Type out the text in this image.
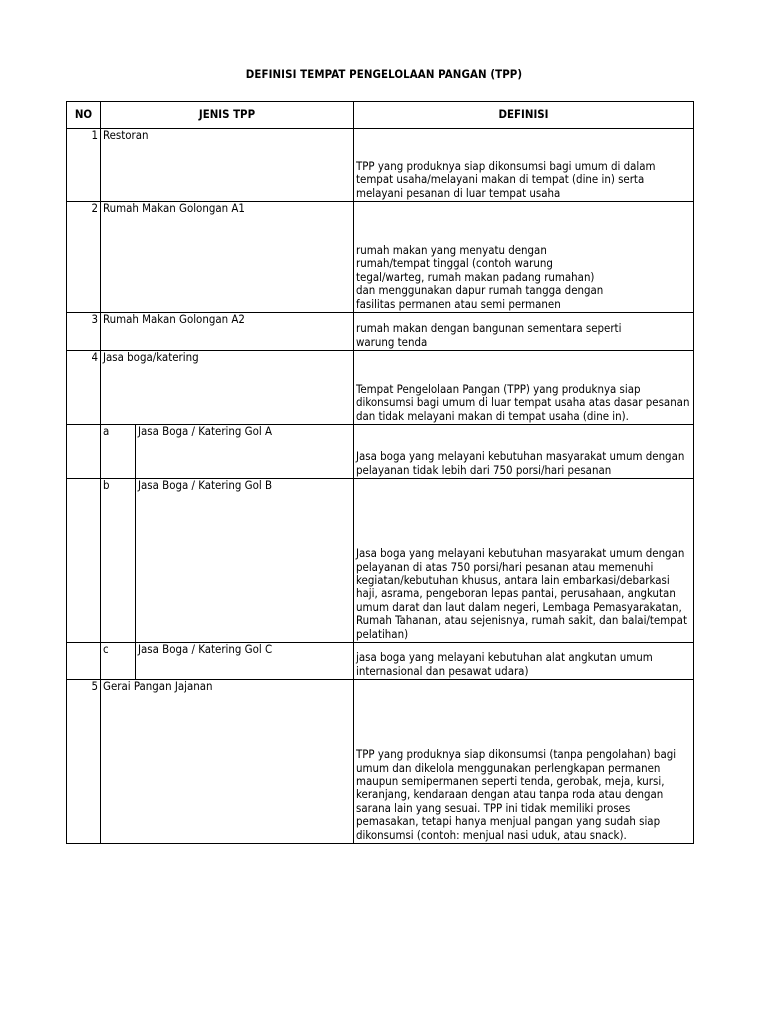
DEFINISI TEMPAT PENGELOLAAN PANGAN (TPP)
NO	JENIS TPP		DEFINISI
1	Restoran		TPP yang produknya siap dikonsumsi bagi umum di dalam tempat usaha/melayani makan di tempat (dine in) serta melayani pesanan di luar tempat usaha

2	Rumah Makan Golongan A1		rumah makan yang menyatu dengan rumah/tempat tinggal (contoh warung tegal/warteg, rumah makan padang rumahan) dan menggunakan dapur rumah tangga dengan fasilitas permanen atau semi permanen

3	Rumah Makan Golongan A2		rumah makan dengan bangunan sementara seperti warung tenda

4	Jasa boga/katering		Tempat Pengelolaan Pangan (TPP) yang produknya siap dikonsumsi bagi umum di luar tempat usaha atas dasar pesanan dan tidak melayani makan di tempat usaha (dine in).

	a	Jasa Boga / Katering Gol A	Jasa boga yang melayani kebutuhan masyarakat umum dengan pelayanan tidak lebih dari 750 porsi/hari pesanan

	b	Jasa Boga / Katering Gol B	Jasa boga yang melayani kebutuhan masyarakat umum dengan pelayanan di atas 750 porsi/hari pesanan atau memenuhi kegiatan/kebutuhan khusus, antara lain embarkasi/debarkasi haji, asrama, pengeboran lepas pantai, perusahaan, angkutan umum darat dan laut dalam negeri, Lembaga Pemasyarakatan, Rumah Tahanan, atau sejenisnya, rumah sakit, dan balai/tempat pelatihan)

	c	Jasa Boga / Katering Gol C	jasa boga yang melayani kebutuhan alat angkutan umum internasional dan pesawat udara)

5	Gerai Pangan Jajanan		TPP yang produknya siap dikonsumsi (tanpa pengolahan) bagi umum dan dikelola menggunakan perlengkapan permanen maupun semipermanen seperti tenda, gerobak, meja, kursi, keranjang, kendaraan dengan atau tanpa roda atau dengan sarana lain yang sesuai. TPP ini tidak memiliki proses pemasakan, tetapi hanya menjual pangan yang sudah siap dikonsumsi (contoh: menjual nasi uduk, atau snack).
